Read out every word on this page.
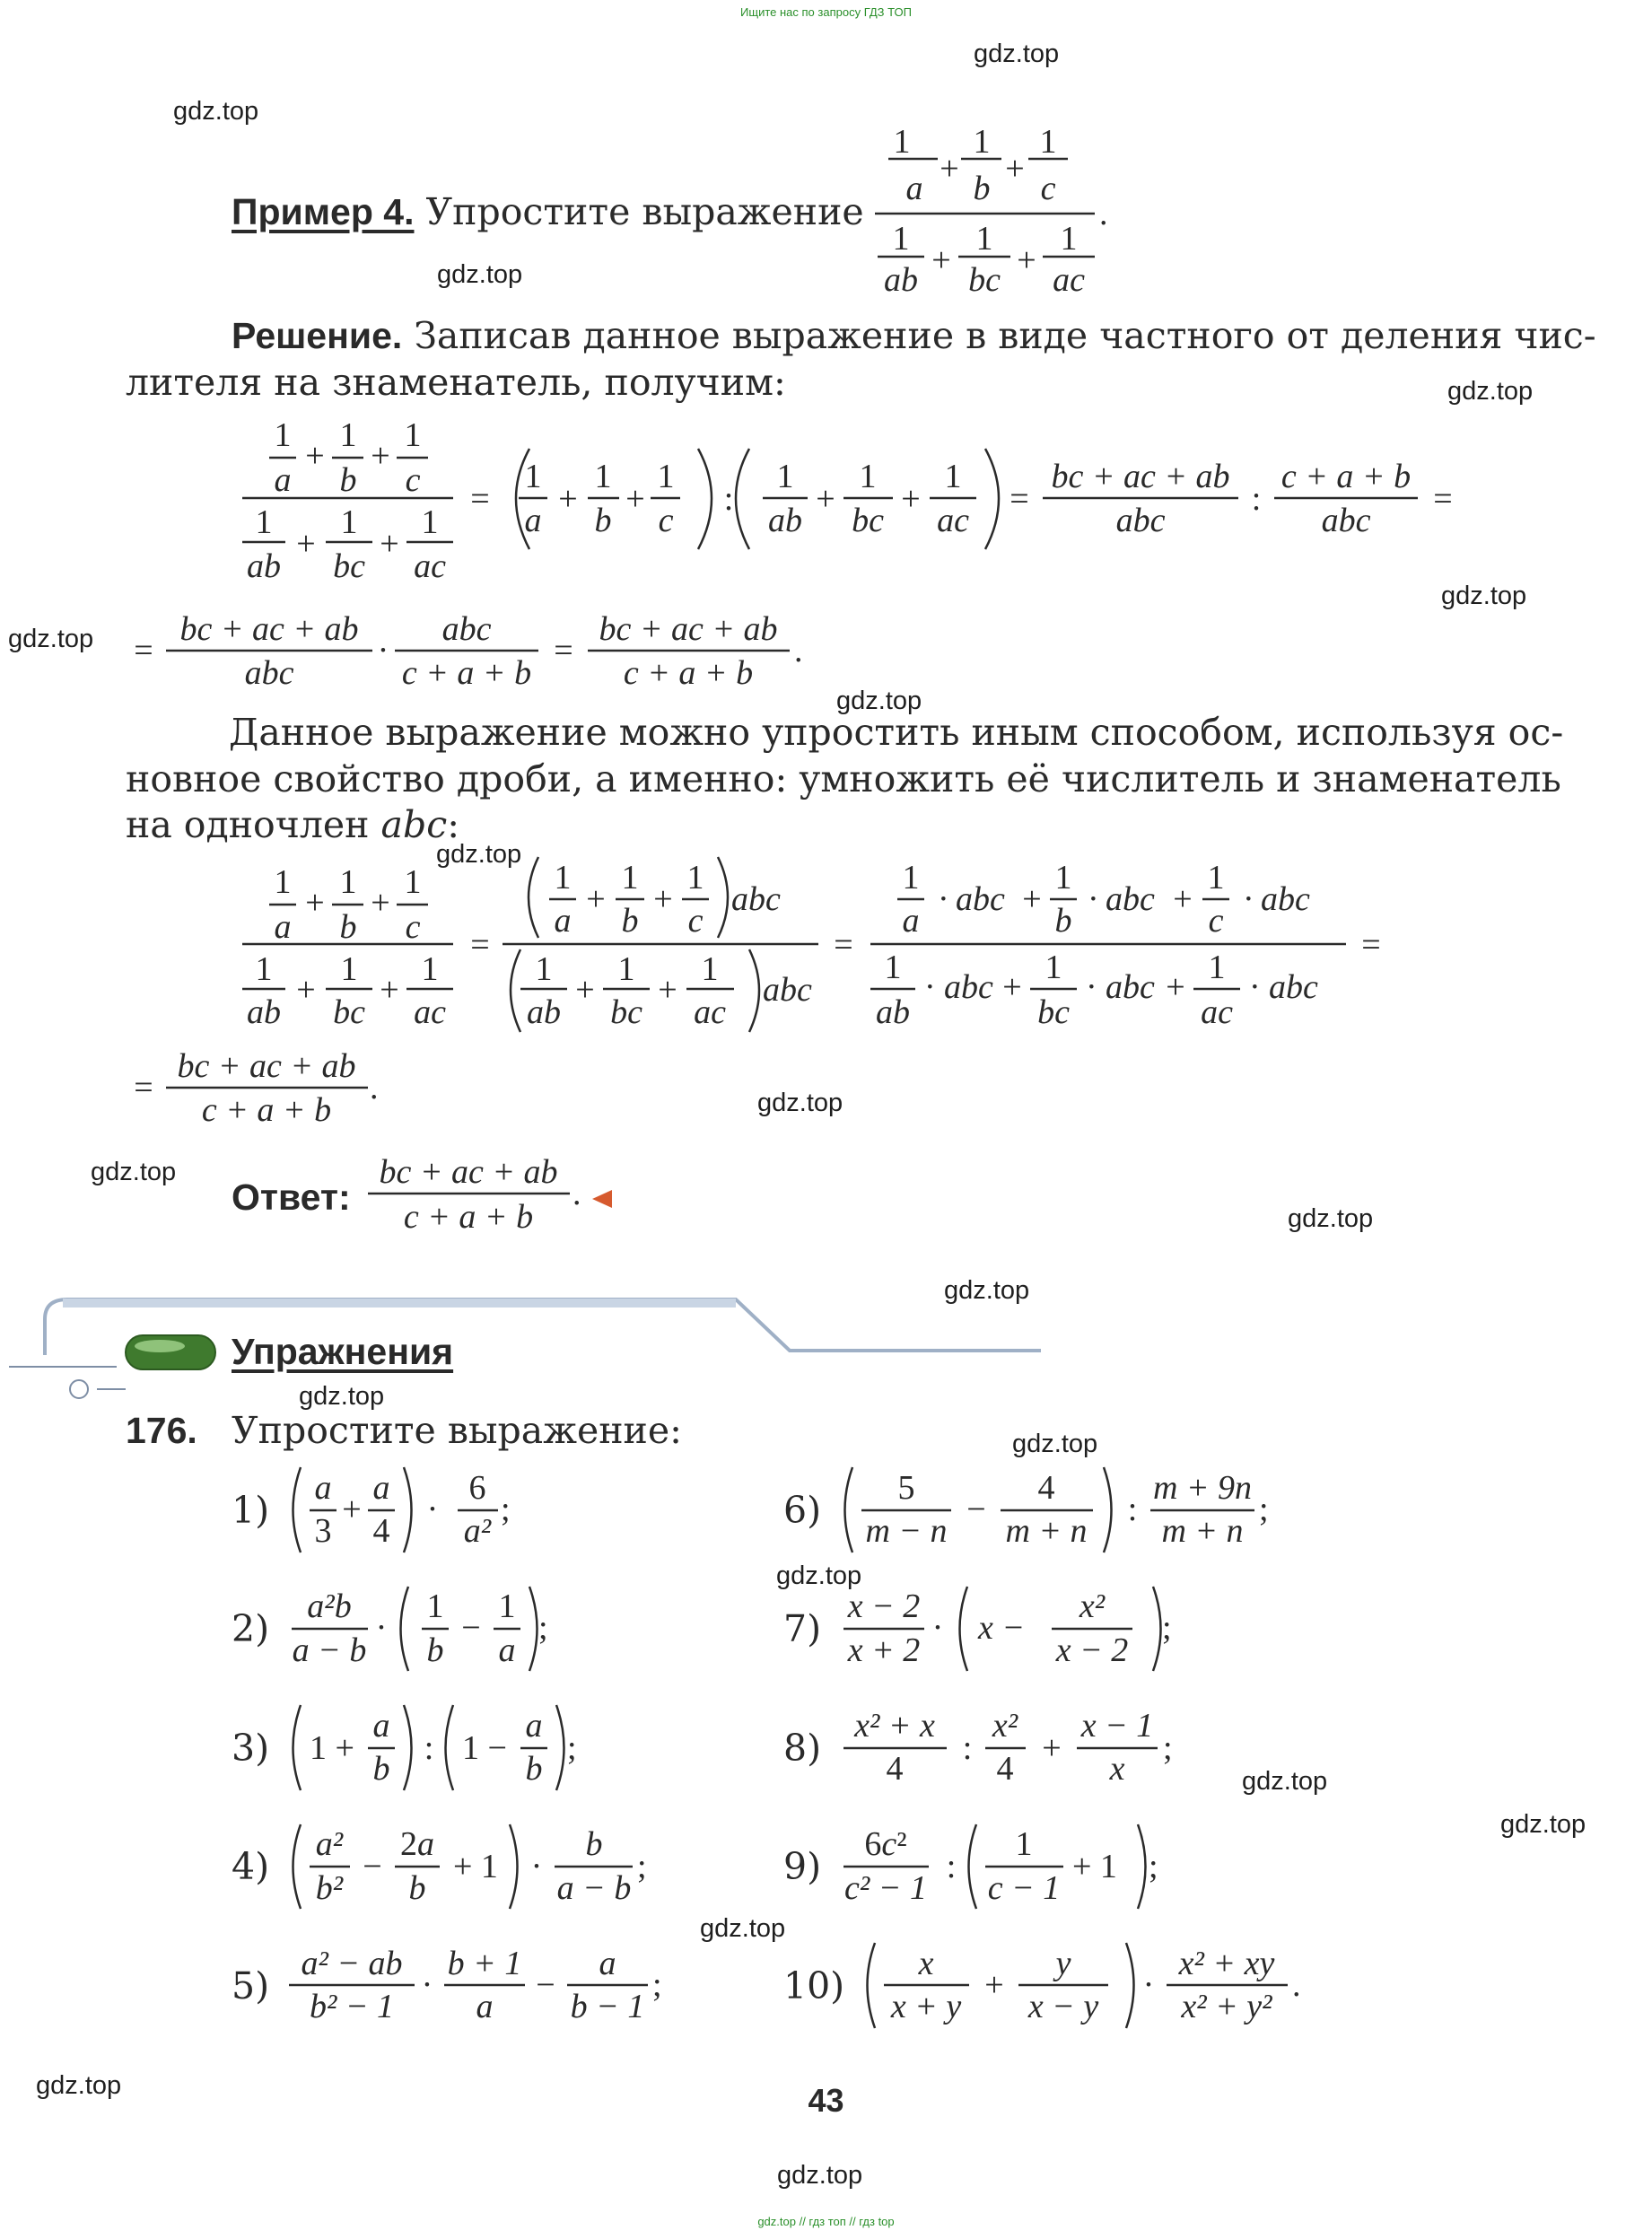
Ищите нас по запросу ГДЗ ТОП
gdz.top // гдз топ // гдз top
gdz.top
gdz.top
gdz.top
gdz.top
gdz.top
gdz.top
gdz.top
gdz.top
gdz.top
gdz.top
gdz.top
gdz.top
gdz.top
gdz.top
gdz.top
gdz.top
gdz.top
gdz.top
gdz.top
gdz.top
Пример 4. Упростите выражение
Решение. Записав данное выражение в виде частного от деления чис-
лителя на знаменатель, получим:
Данное выражение можно упростить иным способом, используя ос-
новное свойство дроби, а именно: умножить её числитель и знаменатель
на одночлен abc:
Ответ:
Упражнения
176. Упростите выражение:
1)
2)
3)
4)
5)
6)
7)
8)
9)
10)
43
1
a
+
1
b
+
1
c
1
ab
+
1
bc
+
1
ac
.
1
a
+
1
b
+
1
c
1
ab
+
1
bc
+
1
ac
=
1
a
+
1
b
+
1
c
:
1
ab
+
1
bc
+
1
ac
=
bc + ac + ab
abc
:
c + a + b
abc
=
=
bc + ac + ab
abc
·
abc
c + a + b
=
bc + ac + ab
c + a + b
.
1
a
+
1
b
+
1
c
1
ab
+
1
bc
+
1
ac
=
1
a
+
1
b
+
1
c
abc
1
ab
+
1
bc
+
1
ac
abc
=
1
a
· abc +
1
b
· abc +
1
c
· abc
1
ab
· abc +
1
bc
· abc +
1
ac
· abc
=
=
bc + ac + ab
c + a + b
.
bc + ac + ab
c + a + b
.
a
3
+
a
4
·
6
a²
;
a²b
a − b
·
1
b
−
1
a
;
1 +
a
b
: 1 −
a
b
;
a²
b²
−
2a
b
+ 1 ·
b
a − b
;
a² − ab
b² − 1
·
b + 1
a
−
a
b − 1
;
5
m − n
−
4
m + n
:
m + 9n
m + n
;
x − 2
x + 2
· x −
x²
x − 2
;
x² + x
4
:
x²
4
+
x − 1
x
;
6c²
c² − 1
:
1
c − 1
+ 1 ;
x
x + y
+
y
x − y
·
x² + xy
x² + y²
.
